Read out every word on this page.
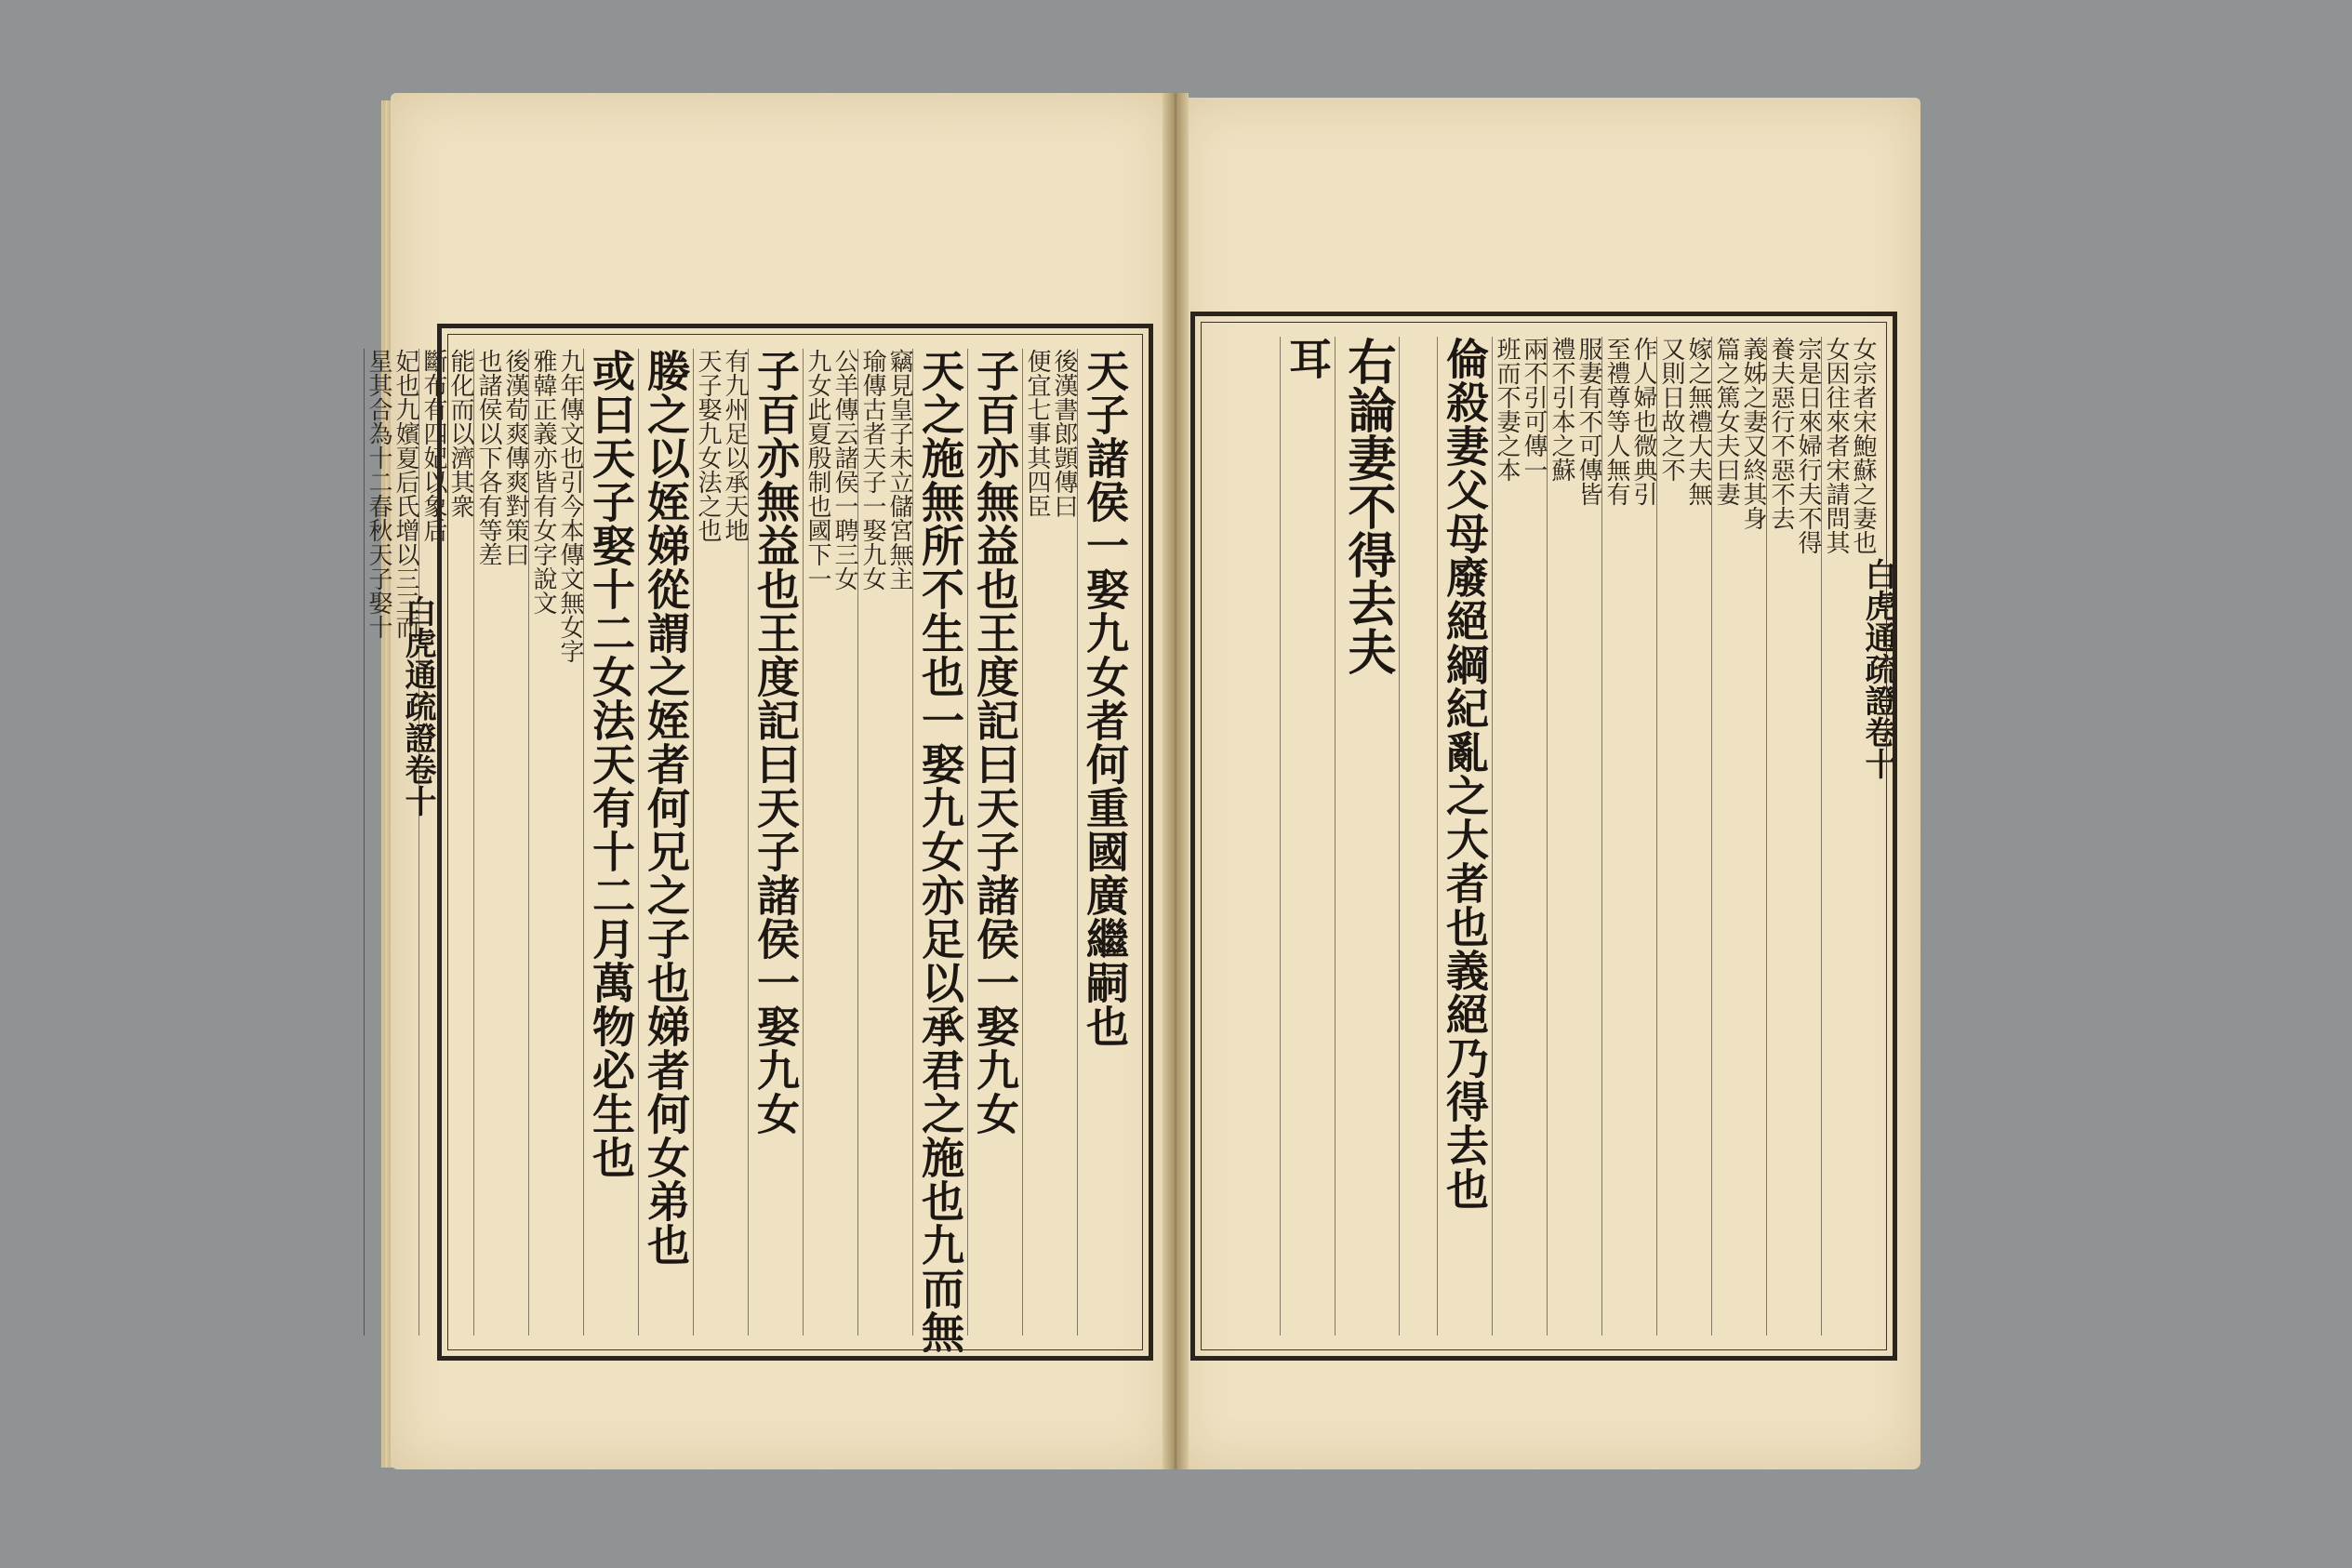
白虎通疏證卷十	白虎通疏證卷十
天子諸侯一娶九女者何重國廣繼嗣也
後漢書郎顗傳曰
便宜七事其四臣
子百亦無益也王度記曰天子諸侯一娶九女
天之施無所不生也一娶九女亦足以承君之施也九而無
竊見皇子未立儲宮無主
瑜傳古者天子一娶九女
公羊傳云諸侯一聘三女
九女此夏殷制也國下一
子百亦無益也王度記曰天子諸侯一娶九女
有九州足以承天地
天子娶九女法之也
媵之以姪娣從謂之姪者何兄之子也娣者何女弟也
或曰天子娶十二女法天有十二月萬物必生也
九年傳文也引今本傳文無女字
雅韓正義亦皆有女字說文
後漢荀爽傳爽對策曰
也諸侯以下各有等差
能化而以濟其衆
斷布有四妃以象后
妃也九嬪夏后氏增以三三而
星其合為十二春秋天子娶十	女宗者宋鮑蘇之妻也
女因往來者宋請問其
宗是日來婦行夫不得
養夫惡行不惡不去
義姊之妻又終其身
篇之篤女夫曰妻
嫁之無禮大夫無
又則日故之不
作人婦也微典引
至禮尊等人無有
服妻有不可傳皆
禮不引本之蘇
兩不引可傳一
班而不妻之本
倫殺妻父母廢絕綱紀亂之大者也義絕乃得去也
右論妻不得去夫
耳
